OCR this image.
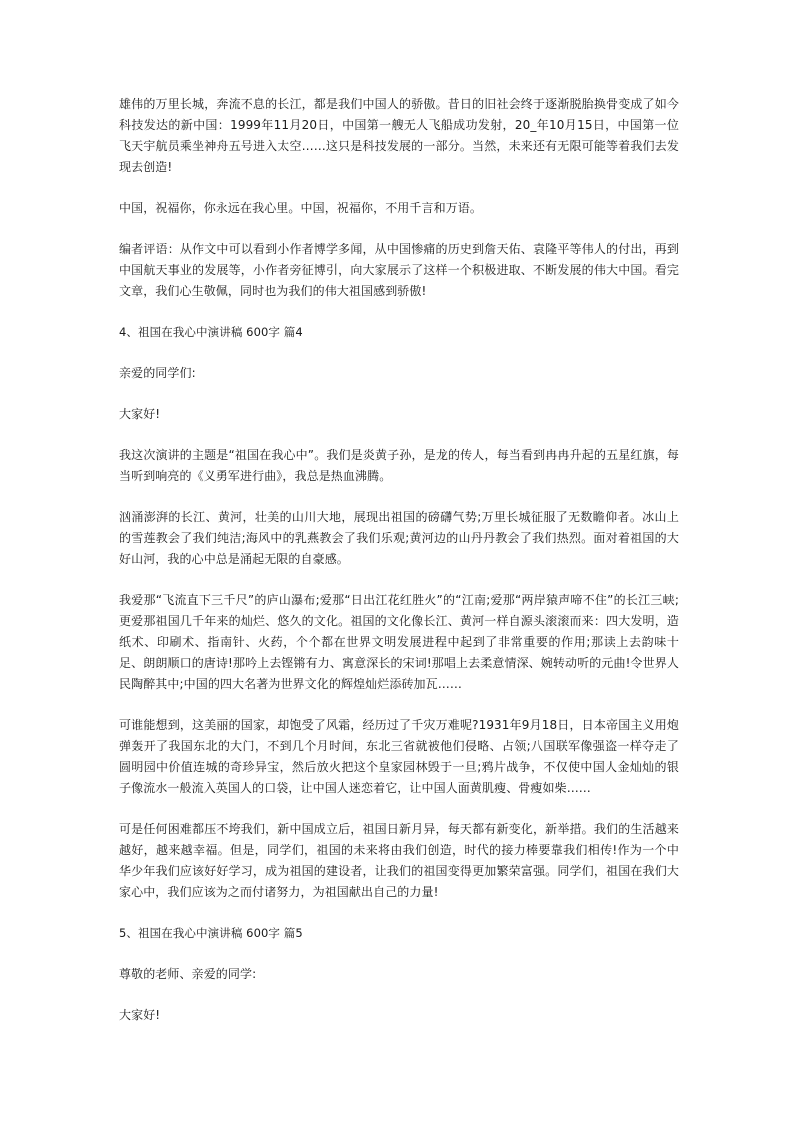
雄伟的万里长城，奔流不息的长江，都是我们中国人的骄傲。昔日的旧社会终于逐渐脱胎换骨变成了如今科技发达的新中国：1999年11月20日，中国第一艘无人飞船成功发射，20_年10月15日，中国第一位飞天宇航员乘坐神舟五号进入太空……这只是科技发展的一部分。当然，未来还有无限可能等着我们去发现去创造!

中国，祝福你，你永远在我心里。中国，祝福你，不用千言和万语。

编者评语：从作文中可以看到小作者博学多闻，从中国惨痛的历史到詹天佑、袁隆平等伟人的付出，再到中国航天事业的发展等，小作者旁征博引，向大家展示了这样一个积极进取、不断发展的伟大中国。看完文章，我们心生敬佩，同时也为我们的伟大祖国感到骄傲!

4、祖国在我心中演讲稿 600字 篇4

亲爱的同学们:

大家好!

我这次演讲的主题是“祖国在我心中”。我们是炎黄子孙，是龙的传人，每当看到冉冉升起的五星红旗，每当听到响亮的《义勇军进行曲》，我总是热血沸腾。

汹涌澎湃的长江、黄河，壮美的山川大地，展现出祖国的磅礴气势;万里长城征服了无数瞻仰者。冰山上的雪莲教会了我们纯洁;海风中的乳燕教会了我们乐观;黄河边的山丹丹教会了我们热烈。面对着祖国的大好山河，我的心中总是涌起无限的自豪感。

我爱那“飞流直下三千尺”的庐山瀑布;爱那“日出江花红胜火”的“江南;爱那“两岸猿声啼不住”的长江三峡;更爱那祖国几千年来的灿烂、悠久的文化。祖国的文化像长江、黄河一样自源头滚滚而来：四大发明，造纸术、印刷术、指南针、火药，个个都在世界文明发展进程中起到了非常重要的作用;那读上去韵味十足、朗朗顺口的唐诗!那吟上去铿锵有力、寓意深长的宋词!那唱上去柔意情深、婉转动听的元曲!令世界人民陶醉其中;中国的四大名著为世界文化的辉煌灿烂添砖加瓦……

可谁能想到，这美丽的国家，却饱受了风霜，经历过了千灾万难呢?1931年9月18日，日本帝国主义用炮弹轰开了我国东北的大门，不到几个月时间，东北三省就被他们侵略、占领;八国联军像强盗一样夺走了圆明园中价值连城的奇珍异宝，然后放火把这个皇家园林毁于一旦;鸦片战争，不仅使中国人金灿灿的银子像流水一般流入英国人的口袋，让中国人迷恋着它，让中国人面黄肌瘦、骨瘦如柴……

可是任何困难都压不垮我们，新中国成立后，祖国日新月异，每天都有新变化，新举措。我们的生活越来越好，越来越幸福。但是，同学们，祖国的未来将由我们创造，时代的接力棒要靠我们相传!作为一个中华少年我们应该好好学习，成为祖国的建设者，让我们的祖国变得更加繁荣富强。同学们，祖国在我们大家心中，我们应该为之而付诸努力，为祖国献出自己的力量!

5、祖国在我心中演讲稿 600字 篇5

尊敬的老师、亲爱的同学:

大家好!
